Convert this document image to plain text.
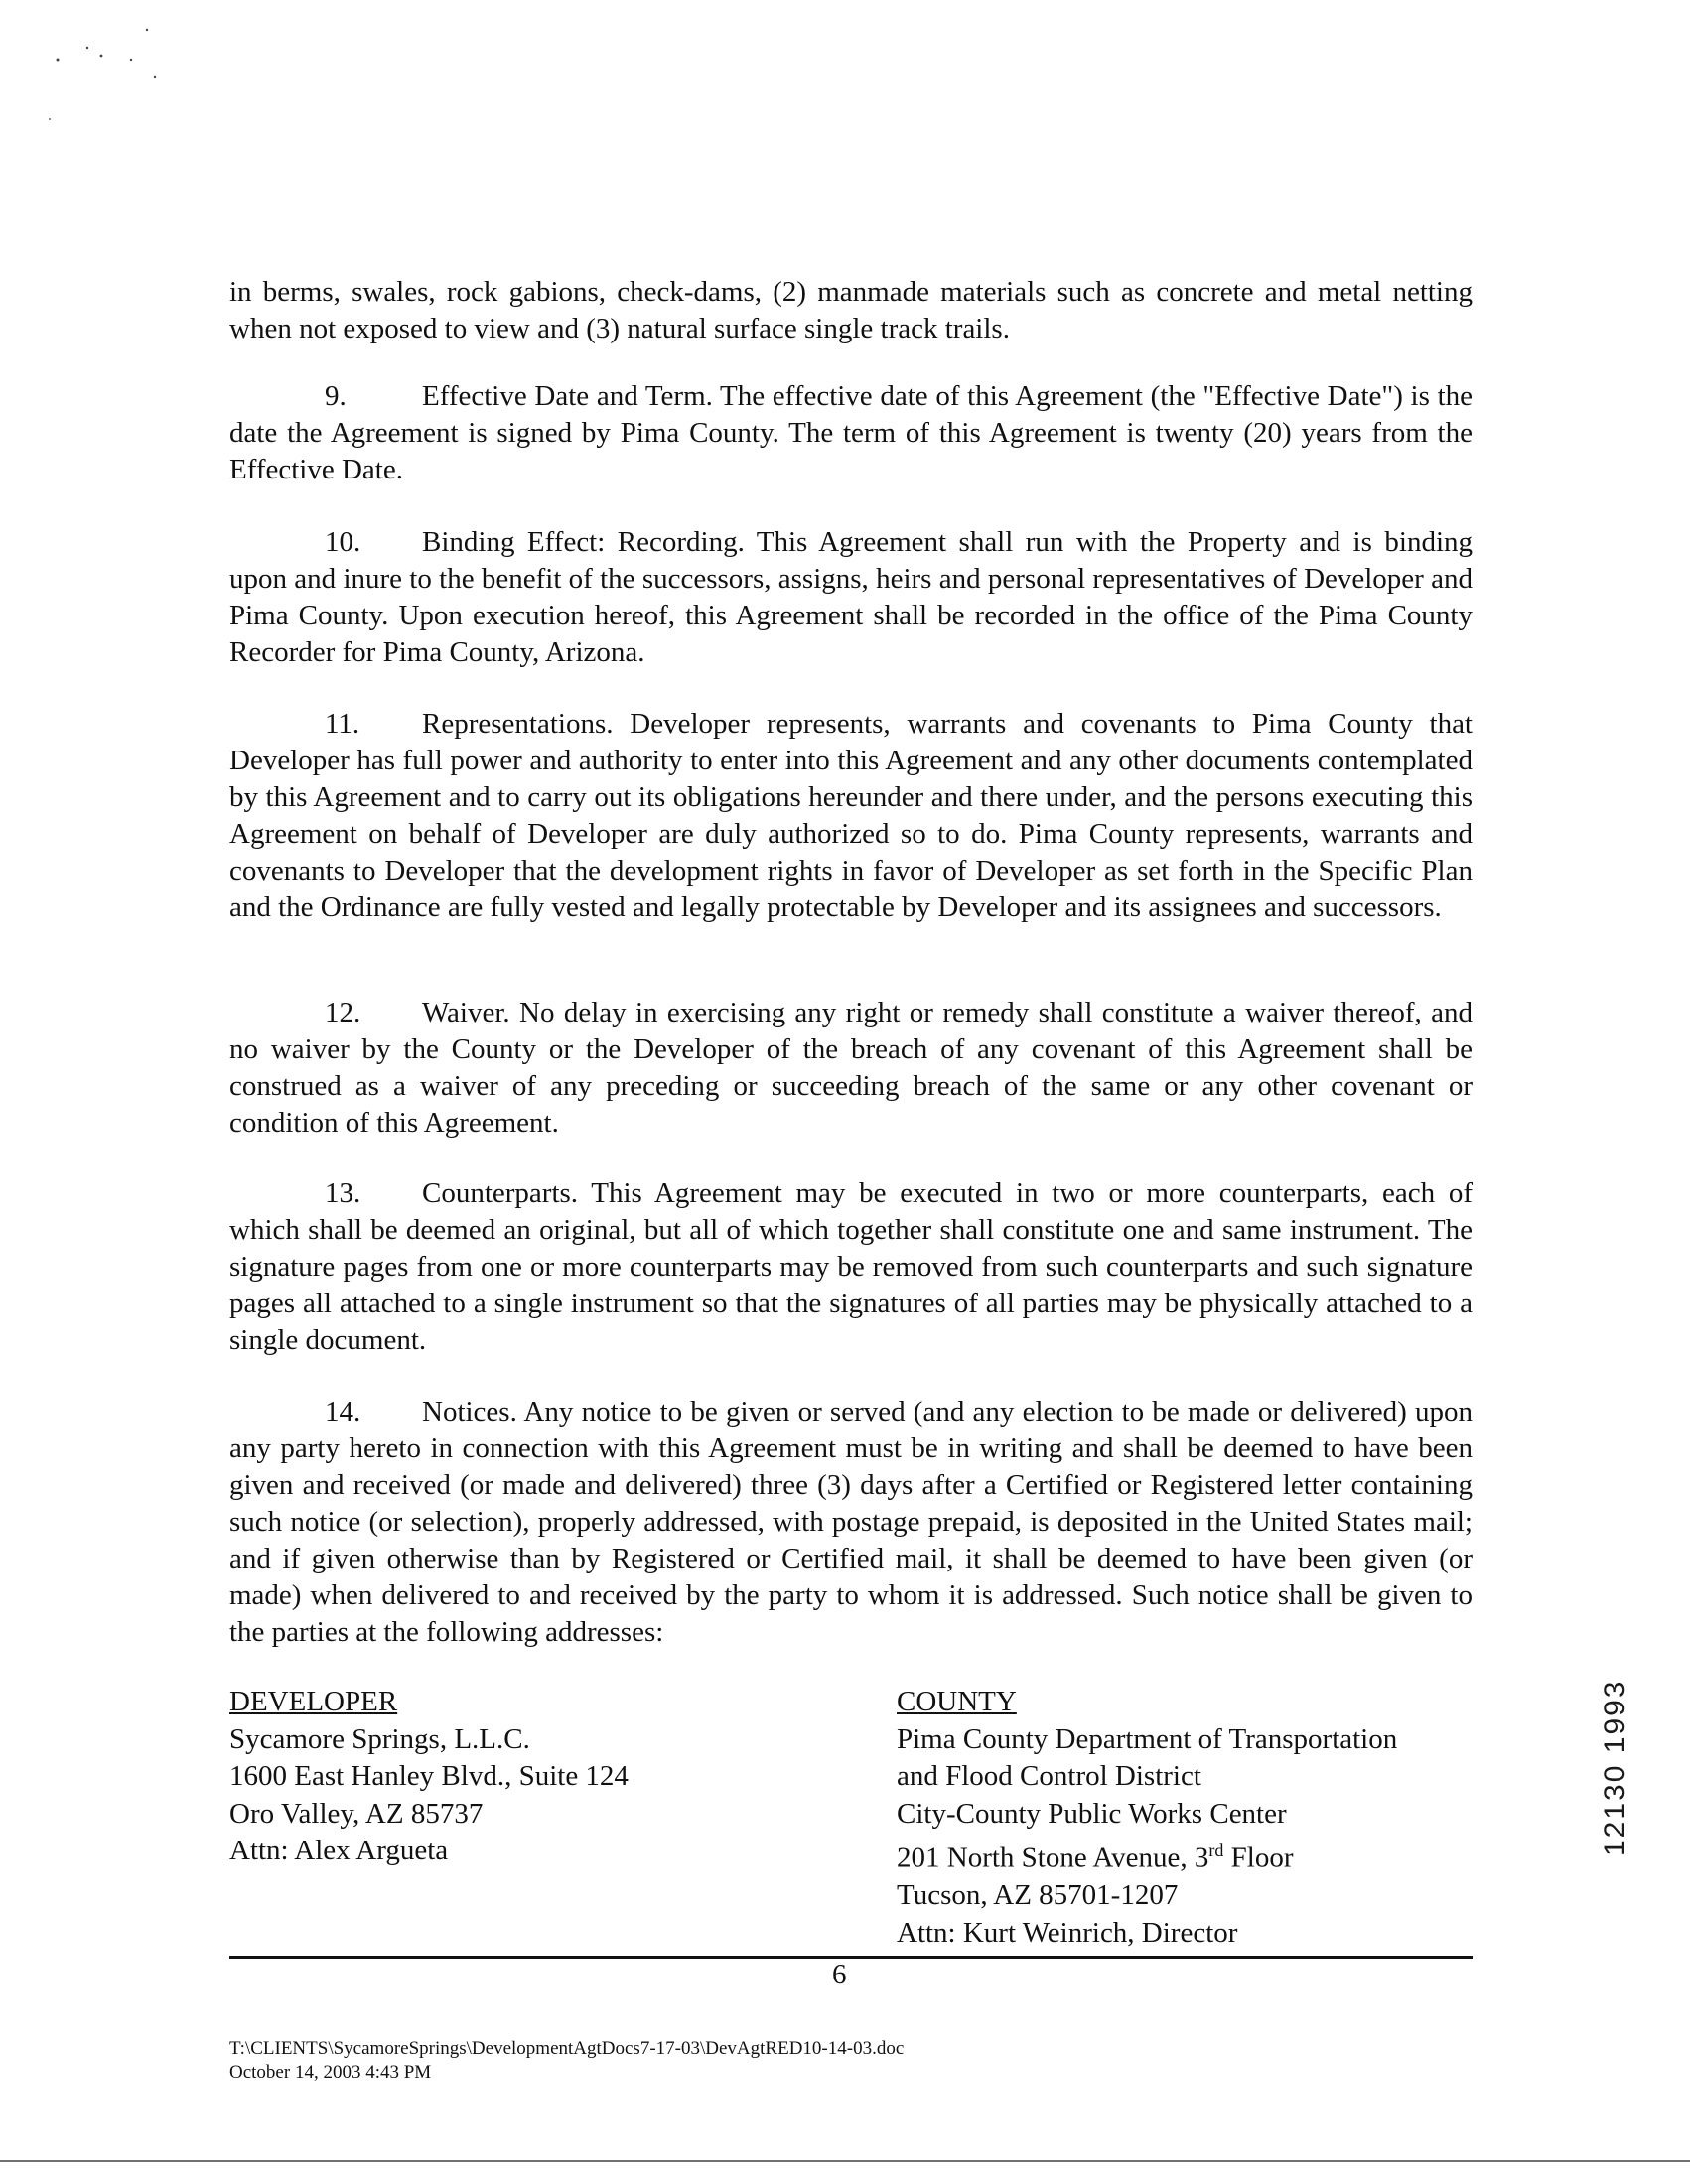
in berms, swales, rock gabions, check-dams, (2) manmade materials such as concrete and metal netting when not exposed to view and (3) natural surface single track trails.
9.	Effective Date and Term. The effective date of this Agreement (the "Effective Date") is the date the Agreement is signed by Pima County. The term of this Agreement is twenty (20) years from the Effective Date.
10. Binding Effect: Recording. This Agreement shall run with the Property and is binding upon and inure to the benefit of the successors, assigns, heirs and personal representatives of Developer and Pima County. Upon execution hereof, this Agreement shall be recorded in the office of the Pima County Recorder for Pima County, Arizona.
11. Representations. Developer represents, warrants and covenants to Pima County that Developer has full power and authority to enter into this Agreement and any other documents contemplated by this Agreement and to carry out its obligations hereunder and there under, and the persons executing this Agreement on behalf of Developer are duly authorized so to do. Pima County represents, warrants and covenants to Developer that the development rights in favor of Developer as set forth in the Specific Plan and the Ordinance are fully vested and legally protectable by Developer and its assignees and successors.
12. Waiver. No delay in exercising any right or remedy shall constitute a waiver thereof, and no waiver by the County or the Developer of the breach of any covenant of this Agreement shall be construed as a waiver of any preceding or succeeding breach of the same or any other covenant or condition of this Agreement.
13. Counterparts. This Agreement may be executed in two or more counterparts, each of which shall be deemed an original, but all of which together shall constitute one and same instrument. The signature pages from one or more counterparts may be removed from such counterparts and such signature pages all attached to a single instrument so that the signatures of all parties may be physically attached to a single document.
14. Notices. Any notice to be given or served (and any election to be made or delivered) upon any party hereto in connection with this Agreement must be in writing and shall be deemed to have been given and received (or made and delivered) three (3) days after a Certified or Registered letter containing such notice (or selection), properly addressed, with postage prepaid, is deposited in the United States mail; and if given otherwise than by Registered or Certified mail, it shall be deemed to have been given (or made) when delivered to and received by the party to whom it is addressed. Such notice shall be given to the parties at the following addresses:
DEVELOPER
Sycamore Springs, L.L.C.
1600 East Hanley Blvd., Suite 124
Oro Valley, AZ 85737
Attn: Alex Argueta
COUNTY
Pima County Department of Transportation
and Flood Control District
City-County Public Works Center
201 North Stone Avenue, 3rd Floor
Tucson, AZ 85701-1207
Attn: Kurt Weinrich, Director
6
T:\CLIENTS\SycamoreSprings\DevelopmentAgtDocs7-17-03\DevAgtRED10-14-03.doc
October 14, 2003 4:43 PM
12130 1993
